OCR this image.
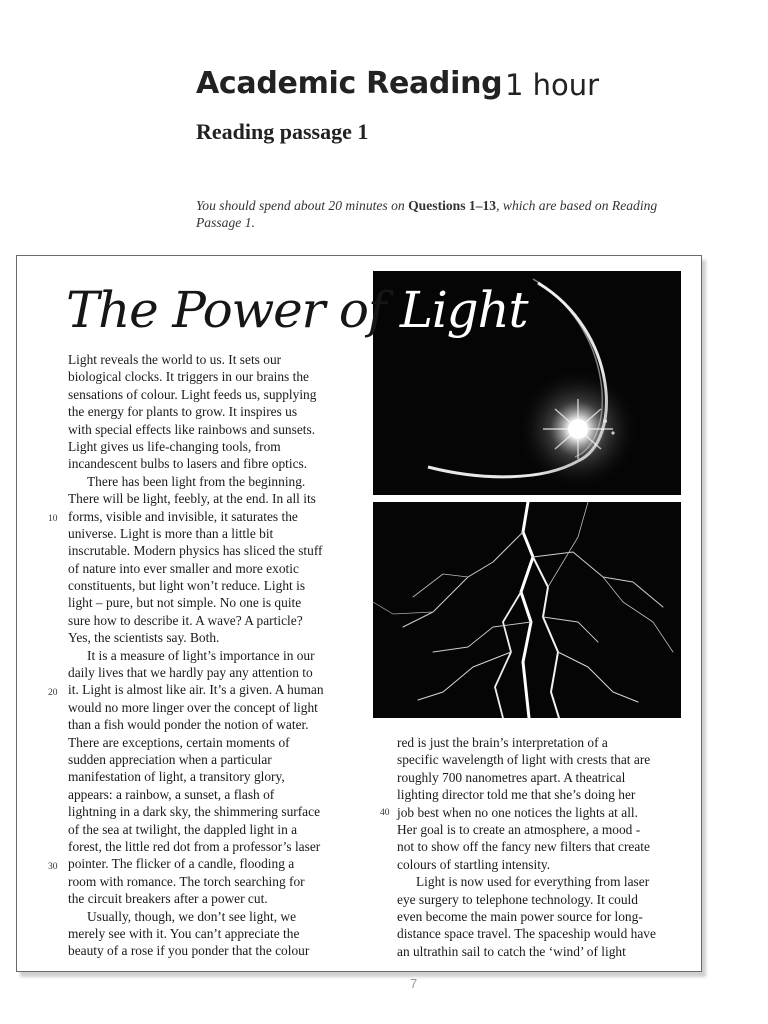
Academic Reading 1 hour
Reading passage 1
You should spend about 20 minutes on Questions 1–13, which are based on Reading Passage 1.
The Power of Light
Light reveals the world to us. It sets our
biological clocks. It triggers in our brains the
sensations of colour. Light feeds us, supplying
the energy for plants to grow. It inspires us
with special effects like rainbows and sunsets.
Light gives us life-changing tools, from
incandescent bulbs to lasers and fibre optics.
There has been light from the beginning.
There will be light, feebly, at the end. In all its
forms, visible and invisible, it saturates the
universe. Light is more than a little bit
inscrutable. Modern physics has sliced the stuff
of nature into ever smaller and more exotic
constituents, but light won’t reduce. Light is
light – pure, but not simple. No one is quite
sure how to describe it. A wave? A particle?
Yes, the scientists say. Both.
It is a measure of light’s importance in our
daily lives that we hardly pay any attention to
it. Light is almost like air. It’s a given. A human
would no more linger over the concept of light
than a fish would ponder the notion of water.
There are exceptions, certain moments of
sudden appreciation when a particular
manifestation of light, a transitory glory,
appears: a rainbow, a sunset, a flash of
lightning in a dark sky, the shimmering surface
of the sea at twilight, the dappled light in a
forest, the little red dot from a professor’s laser
pointer. The flicker of a candle, flooding a
room with romance. The torch searching for
the circuit breakers after a power cut.
Usually, though, we don’t see light, we
merely see with it. You can’t appreciate the
beauty of a rose if you ponder that the colour
red is just the brain’s interpretation of a
specific wavelength of light with crests that are
roughly 700 nanometres apart. A theatrical
lighting director told me that she’s doing her
job best when no one notices the lights at all.
Her goal is to create an atmosphere, a mood -
not to show off the fancy new filters that create
colours of startling intensity.
Light is now used for everything from laser
eye surgery to telephone technology. It could
even become the main power source for long-
distance space travel. The spaceship would have
an ultrathin sail to catch the ‘wind’ of light
10
20
30
40
7
